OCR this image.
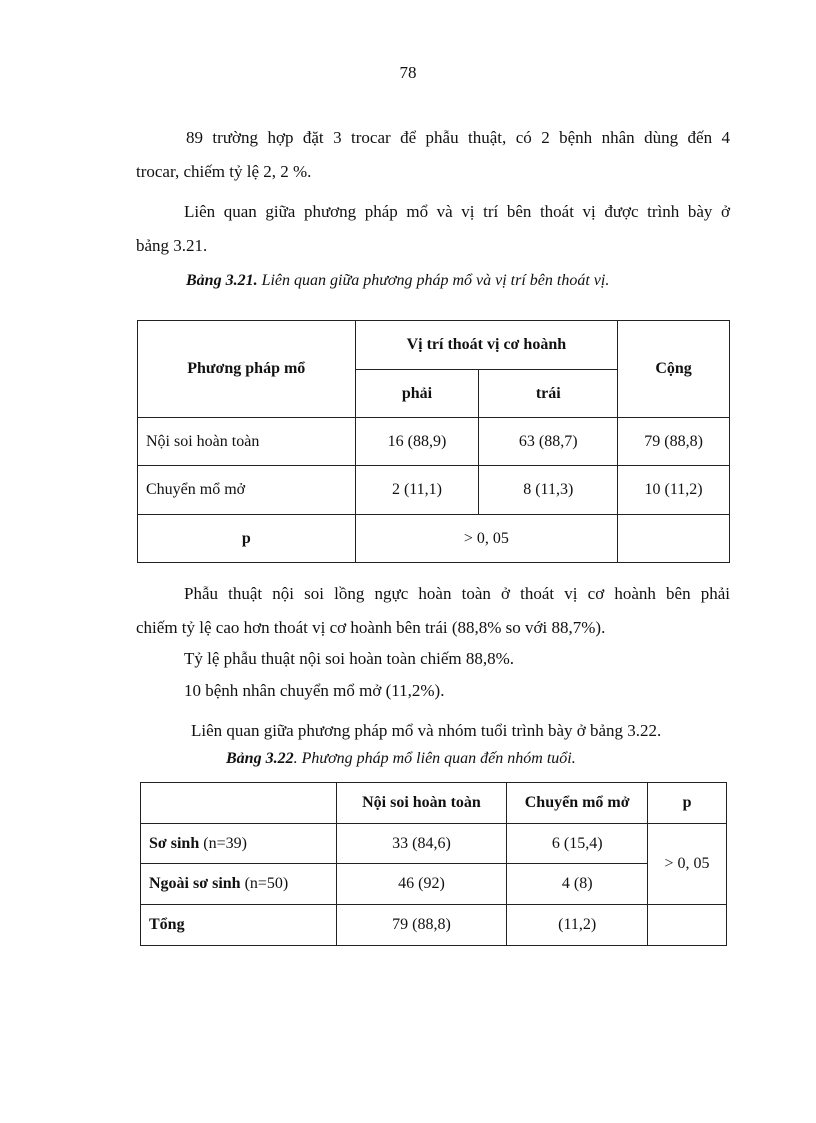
78

89 trường hợp đặt 3 trocar để phẫu thuật, có 2 bệnh nhân dùng đến 4

trocar, chiếm tỷ lệ 2, 2 %.

Liên quan giữa phương pháp mổ và vị trí bên thoát vị được trình bày ở

bảng 3.21.

Bảng 3.21. Liên quan giữa phương pháp mổ và vị trí bên thoát vị.
Phương pháp mổ	Vị trí thoát vị cơ hoành		Cộng
	phải	trái	
Nội soi hoàn toàn	16 (88,9)	63 (88,7)	79 (88,8)
Chuyển mổ mở	2 (11,1)	8 (11,3)	10 (11,2)
p	> 0, 05		

Phẫu thuật nội soi lồng ngực hoàn toàn ở thoát vị cơ hoành bên phải

chiếm tỷ lệ cao hơn thoát vị cơ hoành bên trái (88,8% so với 88,7%).

Tỷ lệ phẫu thuật nội soi hoàn toàn chiếm 88,8%.

10 bệnh nhân chuyển mổ mở (11,2%).

Liên quan giữa phương pháp mổ và nhóm tuổi trình bày ở bảng 3.22.

Bảng 3.22. Phương pháp mổ liên quan đến nhóm tuổi.
	Nội soi hoàn toàn	Chuyển mổ mở	p
Sơ sinh (n=39)	33 (84,6)	6 (15,4)	> 0, 05
Ngoài sơ sinh (n=50)	46 (92)	4 (8)	
Tổng	79 (88,8)	(11,2)	
